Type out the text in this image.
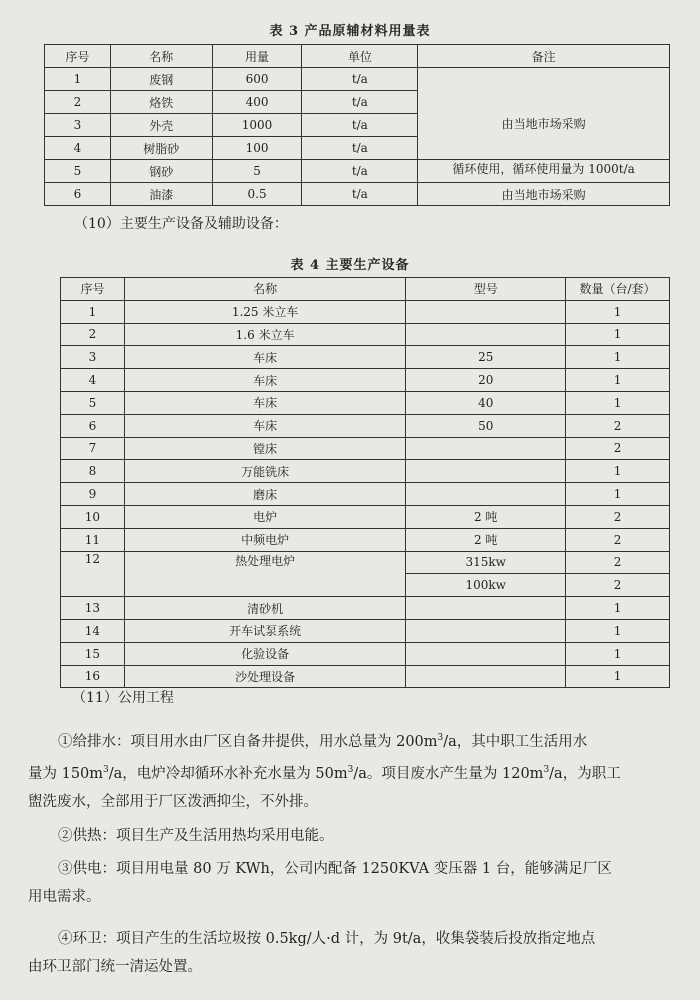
表 3 产品原辅材料用量表
序号	名称	用量	单位	备注
1	废钢	600	t/a	由当地市场采购
2	烙铁	400	t/a	
3	外壳	1000	t/a	
4	树脂砂	100	t/a	
5	钢砂	5	t/a	循环使用，循环使用量为 1000t/a
6	油漆	0.5	t/a	由当地市场采购
（10）主要生产设备及辅助设备：
表 4 主要生产设备
序号	名称	型号	数量（台/套）
1	1.25 米立车		1
2	1.6 米立车		1
3	车床	25	1
4	车床	20	1
5	车床	40	1
6	车床	50	2
7	镗床		2
8	万能铣床		1
9	磨床		1
10	电炉	2 吨	2
11	中频电炉	2 吨	2
12	热处理电炉	315kw	2
		100kw	2
13	清砂机		1
14	开车试泵系统		1
15	化验设备		1
16	沙处理设备		1
（11）公用工程
①给排水：项目用水由厂区自备井提供，用水总量为 $200m^3/a$，其中职工生活用水
量为 $150m^3/a$，电炉冷却循环水补充水量为 $50m^3/a$。项目废水产生量为 $120m^3/a$，为职工
盥洗废水，全部用于厂区泼洒抑尘，不外排。
②供热：项目生产及生活用热均采用电能。
③供电：项目用电量 80 万 KWh，公司内配备 1250KVA 变压器 1 台，能够满足厂区
用电需求。
④环卫：项目产生的生活垃圾按 0.5kg/人·d 计，为 9t/a，收集袋装后投放指定地点
由环卫部门统一清运处置。
